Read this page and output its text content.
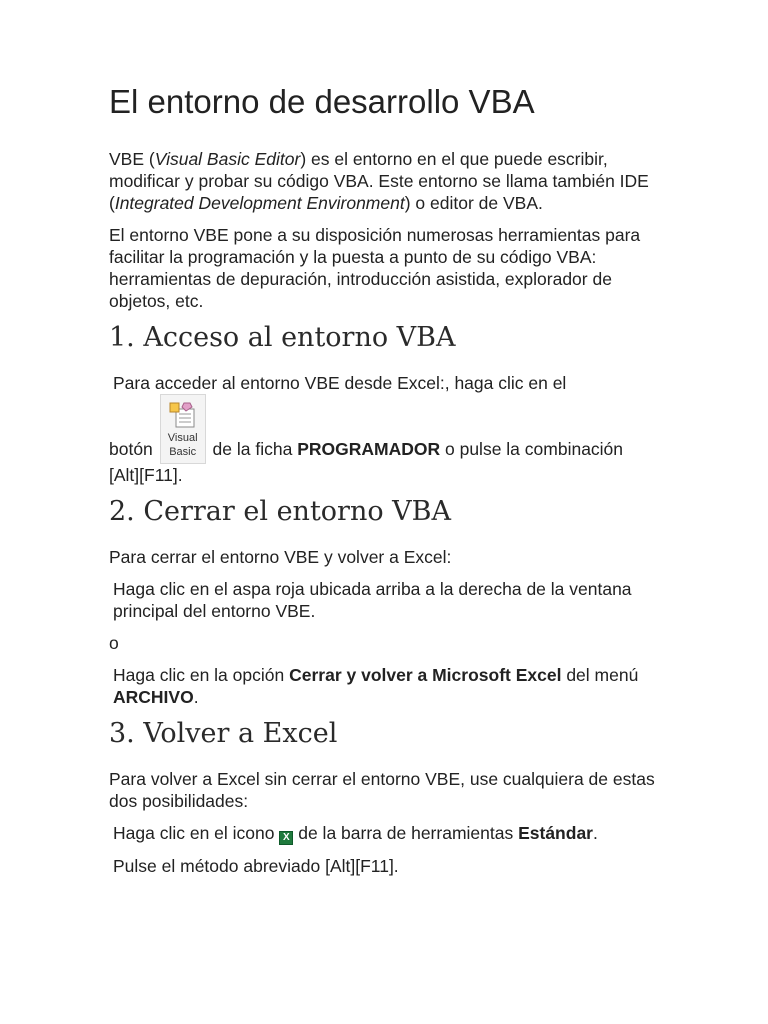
El entorno de desarrollo VBA

VBE (Visual Basic Editor) es el entorno en el que puede escribir, modificar y probar su código VBA. Este entorno se llama también IDE (Integrated Development Environment) o editor de VBA.

El entorno VBE pone a su disposición numerosas herramientas para facilitar la programación y la puesta a punto de su código VBA: herramientas de depuración, introducción asistida, explorador de objetos, etc.

1. Acceso al entorno VBA

Para acceder al entorno VBE desde Excel:, haga clic en el

botón
Visual
Basic de la ficha PROGRAMADOR o pulse la combinación [Alt][F11].

2. Cerrar el entorno VBA

Para cerrar el entorno VBE y volver a Excel:

Haga clic en el aspa roja ubicada arriba a la derecha de la ventana principal del entorno VBE.

o

Haga clic en la opción Cerrar y volver a Microsoft Excel del menú ARCHIVO.

3. Volver a Excel

Para volver a Excel sin cerrar el entorno VBE, use cualquiera de estas dos posibilidades:

Haga clic en el icono X de la barra de herramientas Estándar.

Pulse el método abreviado [Alt][F11].
